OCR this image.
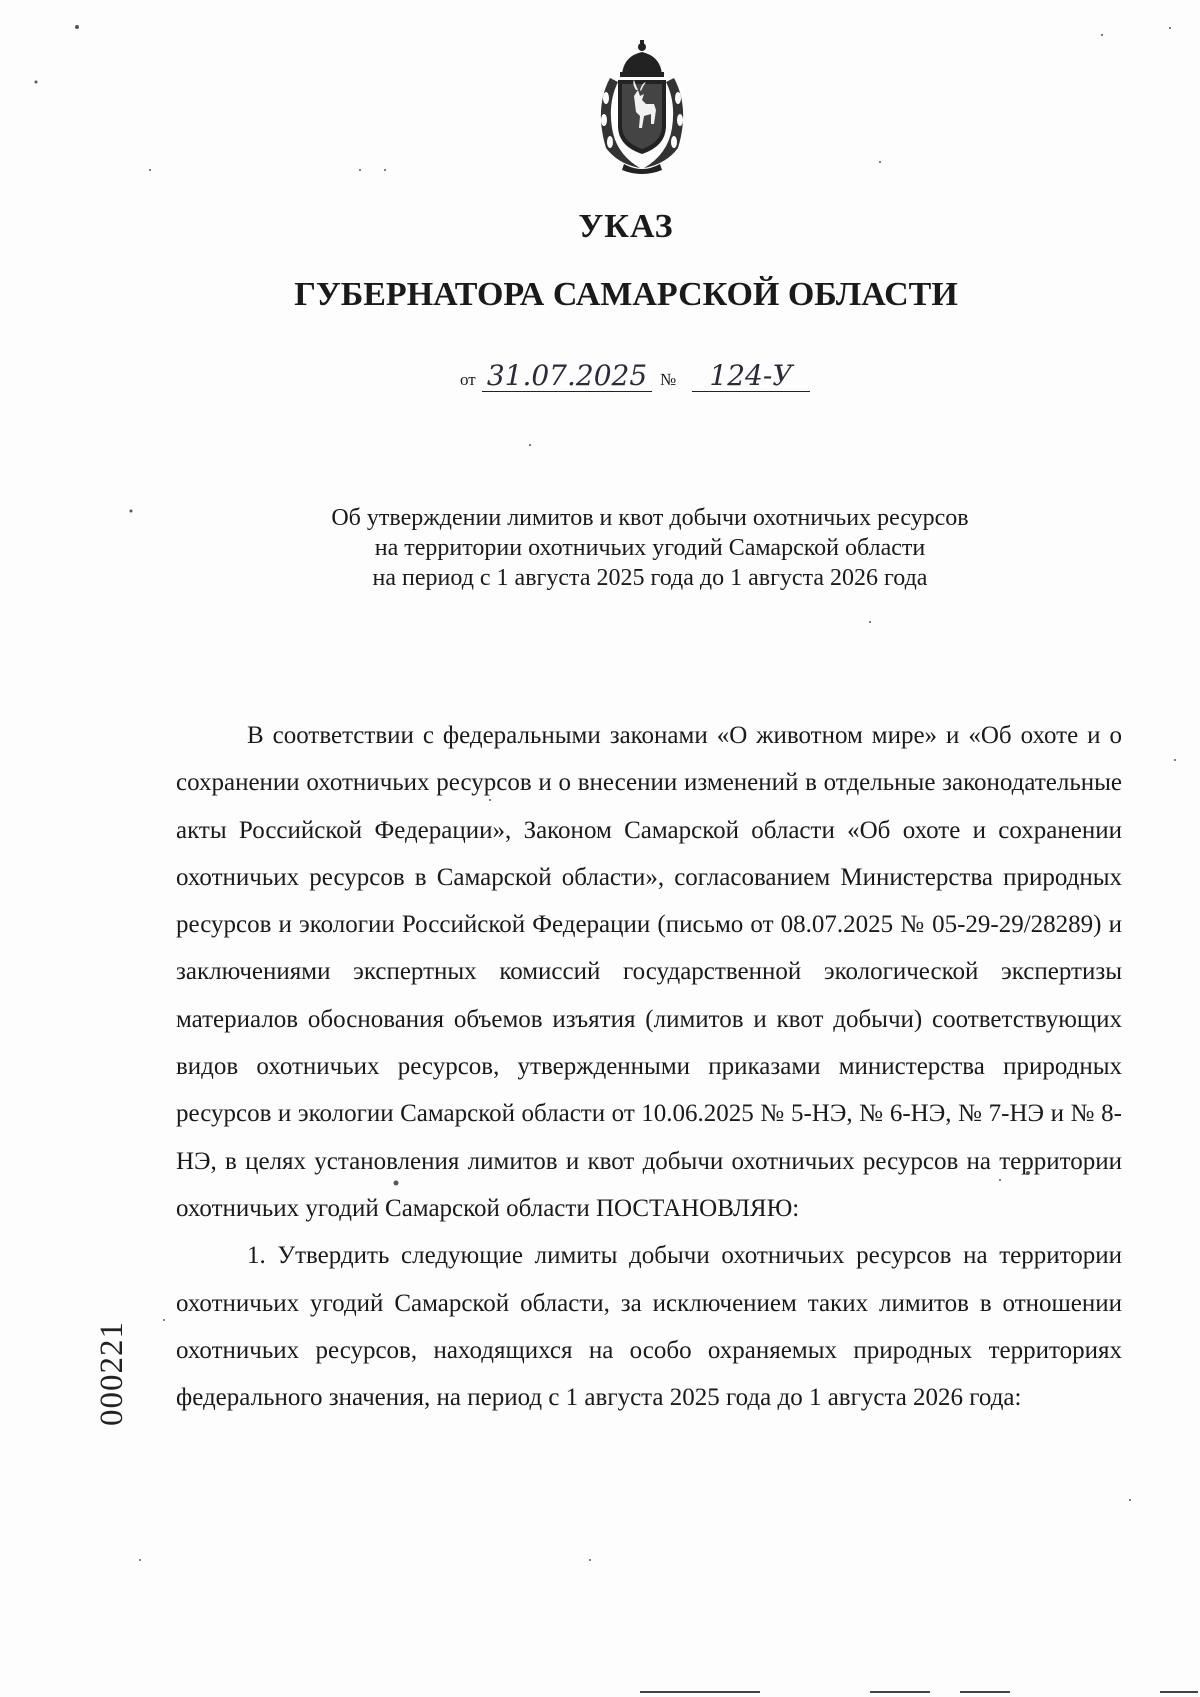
УКАЗ
ГУБЕРНАТОРА САМАРСКОЙ ОБЛАСТИ
от 31.07.2025 №	124-У
Об утверждении лимитов и квот добычи охотничьих ресурсов
на территории охотничьих угодий Самарской области
на период с 1 августа 2025 года до 1 августа 2026 года

В соответствии с федеральными законами «О животном мире» и «Об охоте и о сохранении охотничьих ресурсов и о внесении изменений в отдельные законодательные акты Российской Федерации», Законом Самарской области «Об охоте и сохранении охотничьих ресурсов в Самарской области», согласованием Министерства природных ресурсов и экологии Российской Федерации (письмо от 08.07.2025 № 05-29-29/28289) и заключениями экспертных комиссий государственной экологической экспертизы материалов обоснования объемов изъятия (лимитов и квот добычи) соответствующих видов охотничьих ресурсов, утвержденными приказами министерства природных ресурсов и экологии Самарской области от 10.06.2025 № 5-НЭ, № 6-НЭ, № 7-НЭ и № 8-НЭ, в целях установления лимитов и квот добычи охотничьих ресурсов на территории охотничьих угодий Самарской области ПОСТАНОВЛЯЮ:

1. Утвердить следующие лимиты добычи охотничьих ресурсов на территории охотничьих угодий Самарской области, за исключением таких лимитов в отношении охотничьих ресурсов, находящихся на особо охраняемых природных территориях федерального значения, на период с 1 августа 2025 года до 1 августа 2026 года:

000221
